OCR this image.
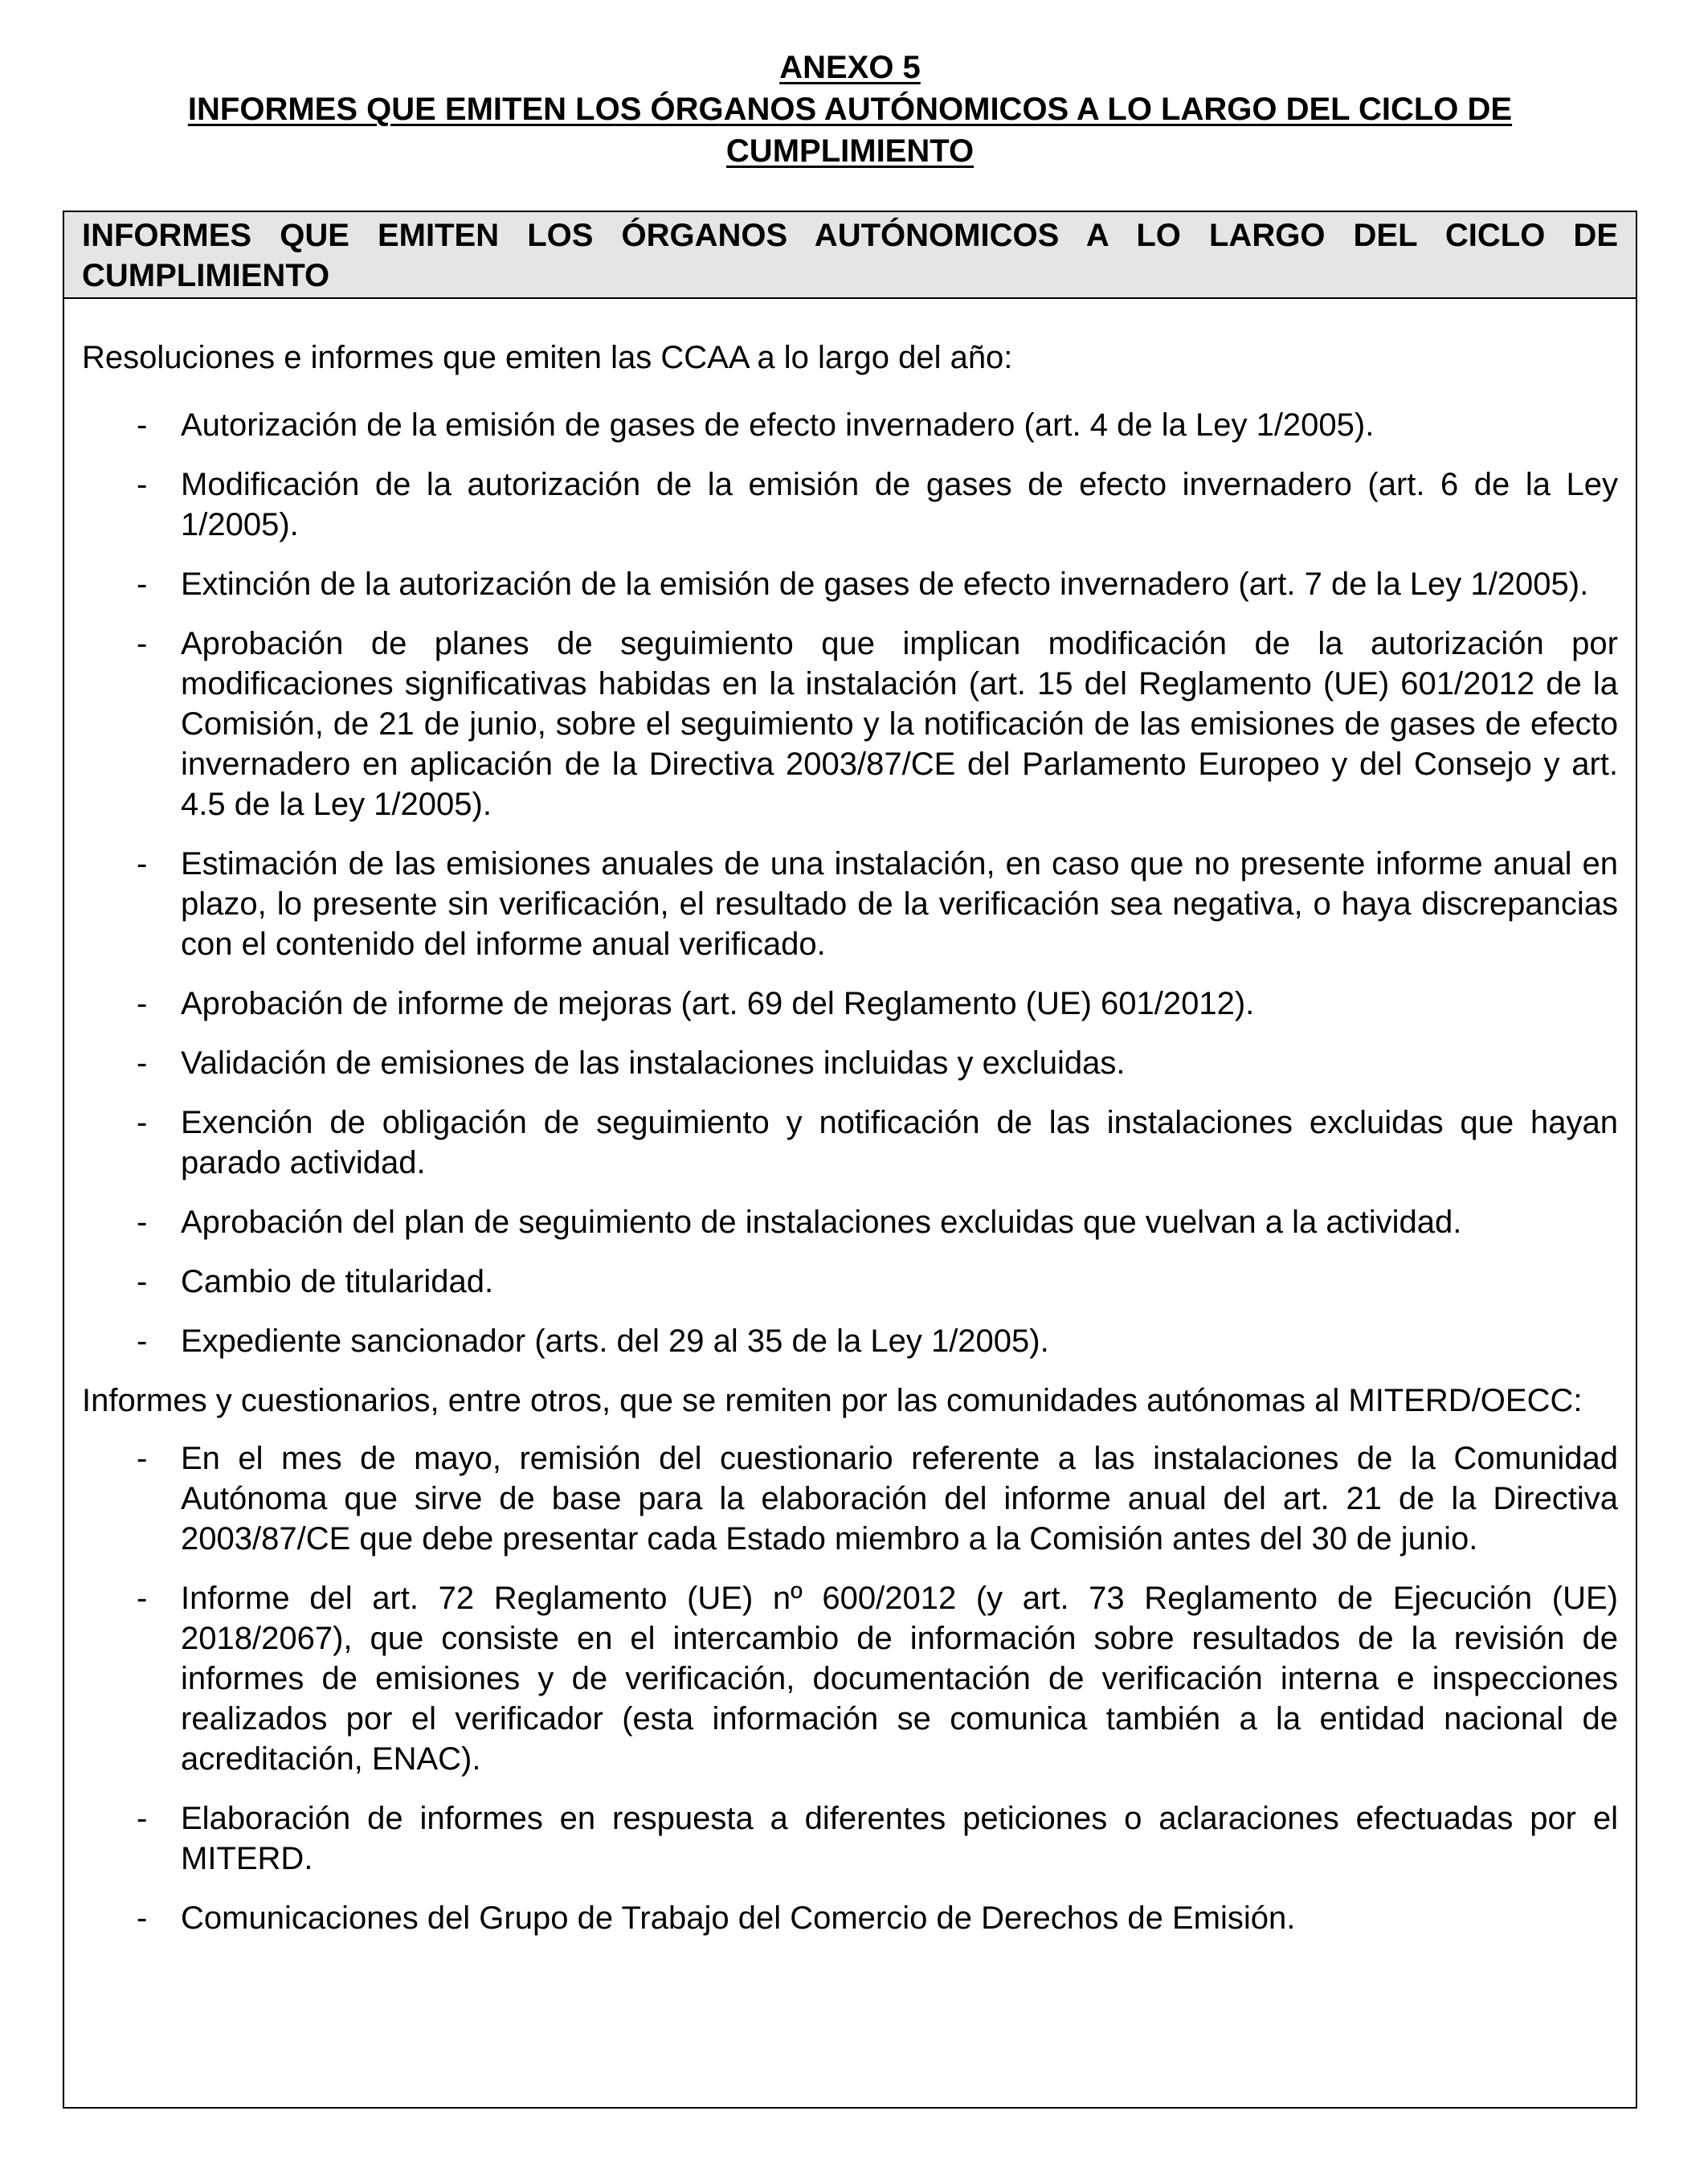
ANEXO 5
INFORMES QUE EMITEN LOS ÓRGANOS AUTÓNOMICOS A LO LARGO DEL CICLO DE
CUMPLIMIENTO
INFORMES QUE EMITEN LOS ÓRGANOS AUTÓNOMICOS A LO LARGO DEL CICLO DE CUMPLIMIENTO

Resoluciones e informes que emiten las CCAA a lo largo del año:

- Autorización de la emisión de gases de efecto invernadero (art. 4 de la Ley 1/2005).
- Modificación de la autorización de la emisión de gases de efecto invernadero (art. 6 de la Ley 1/2005).
- Extinción de la autorización de la emisión de gases de efecto invernadero (art. 7 de la Ley 1/2005).
- Aprobación de planes de seguimiento que implican modificación de la autorización por modificaciones significativas habidas en la instalación (art. 15 del Reglamento (UE) 601/2012 de la Comisión, de 21 de junio, sobre el seguimiento y la notificación de las emisiones de gases de efecto invernadero en aplicación de la Directiva 2003/87/CE del Parlamento Europeo y del Consejo y art. 4.5 de la Ley 1/2005).
- Estimación de las emisiones anuales de una instalación, en caso que no presente informe anual en plazo, lo presente sin verificación, el resultado de la verificación sea negativa, o haya discrepancias con el contenido del informe anual verificado.
- Aprobación de informe de mejoras (art. 69 del Reglamento (UE) 601/2012).
- Validación de emisiones de las instalaciones incluidas y excluidas.
- Exención de obligación de seguimiento y notificación de las instalaciones excluidas que hayan parado actividad.
- Aprobación del plan de seguimiento de instalaciones excluidas que vuelvan a la actividad.
- Cambio de titularidad.
- Expediente sancionador (arts. del 29 al 35 de la Ley 1/2005).

Informes y cuestionarios, entre otros, que se remiten por las comunidades autónomas al MITERD/OECC:

- En el mes de mayo, remisión del cuestionario referente a las instalaciones de la Comunidad Autónoma que sirve de base para la elaboración del informe anual del art. 21 de la Directiva 2003/87/CE que debe presentar cada Estado miembro a la Comisión antes del 30 de junio.
- Informe del art. 72 Reglamento (UE) nº 600/2012 (y art. 73 Reglamento de Ejecución (UE) 2018/2067), que consiste en el intercambio de información sobre resultados de la revisión de informes de emisiones y de verificación, documentación de verificación interna e inspecciones realizados por el verificador (esta información se comunica también a la entidad nacional de acreditación, ENAC).
- Elaboración de informes en respuesta a diferentes peticiones o aclaraciones efectuadas por el MITERD.
- Comunicaciones del Grupo de Trabajo del Comercio de Derechos de Emisión.
